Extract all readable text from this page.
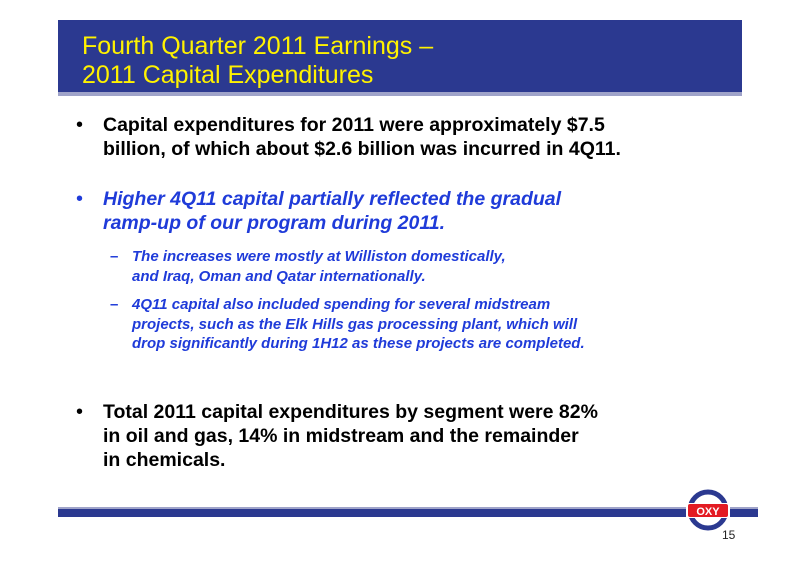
Fourth Quarter 2011 Earnings –
2011 Capital Expenditures
• Capital expenditures for 2011 were approximately $7.5
billion, of which about $2.6 billion was incurred in 4Q11.
• Higher 4Q11 capital partially reflected the gradual
ramp-up of our program during 2011.
– The increases were mostly at Williston domestically,
and Iraq, Oman and Qatar internationally.
– 4Q11 capital also included spending for several midstream
projects, such as the Elk Hills gas processing plant, which will
drop significantly during 1H12 as these projects are completed.
• Total 2011 capital expenditures by segment were 82%
in oil and gas, 14% in midstream and the remainder
in chemicals.
OXY
15
